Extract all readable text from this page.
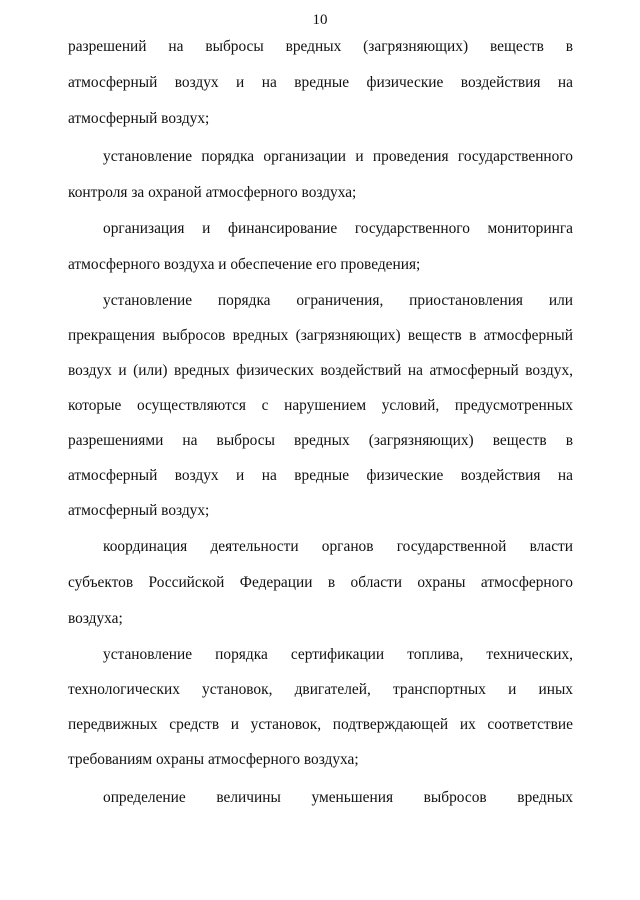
10
разрешений на выбросы вредных (загрязняющих) веществ в
атмосферный воздух и на вредные физические воздействия на
атмосферный воздух;
установление порядка организации и проведения государственного
контроля за охраной атмосферного воздуха;
организация и финансирование государственного мониторинга
атмосферного воздуха и обеспечение его проведения;
установление порядка ограничения, приостановления или
прекращения выбросов вредных (загрязняющих) веществ в атмосферный
воздух и (или) вредных физических воздействий на атмосферный воздух,
которые осуществляются с нарушением условий, предусмотренных
разрешениями на выбросы вредных (загрязняющих) веществ в
атмосферный воздух и на вредные физические воздействия на
атмосферный воздух;
координация деятельности органов государственной власти
субъектов Российской Федерации в области охраны атмосферного
воздуха;
установление порядка сертификации топлива, технических,
технологических установок, двигателей, транспортных и иных
передвижных средств и установок, подтверждающей их соответствие
требованиям охраны атмосферного воздуха;
определение величины уменьшения выбросов вредных
